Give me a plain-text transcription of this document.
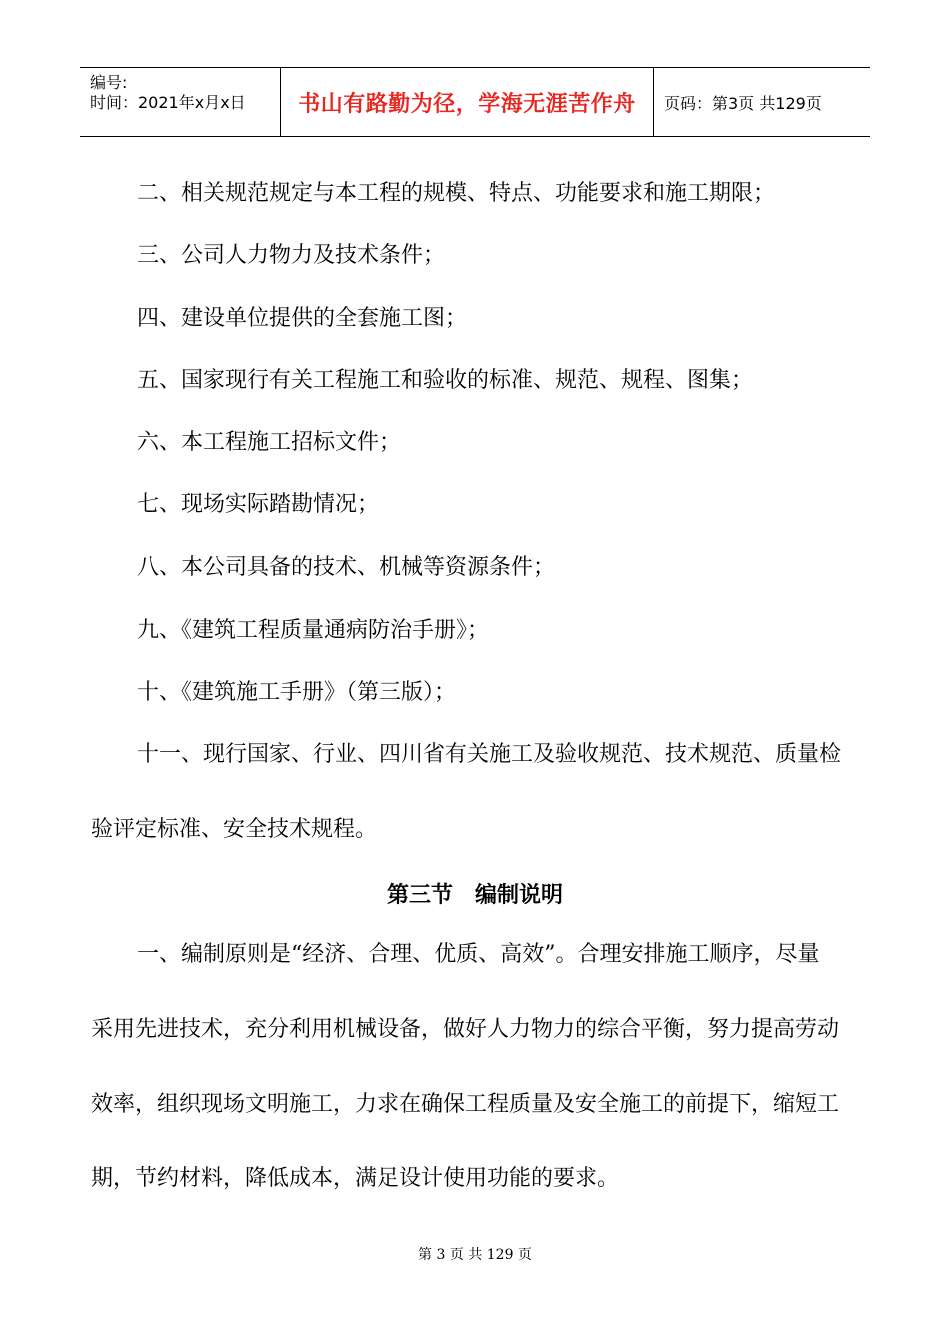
编号:
时间：2021年x月x日	书山有路勤为径，学海无涯苦作舟 页码：第3页 共129页
二、相关规范规定与本工程的规模、特点、功能要求和施工期限；
三、公司人力物力及技术条件；
四、建设单位提供的全套施工图；
五、国家现行有关工程施工和验收的标准、规范、规程、图集；
六、本工程施工招标文件；
七、现场实际踏勘情况；
八、本公司具备的技术、机械等资源条件；
九、《建筑工程质量通病防治手册》；
十、《建筑施工手册》（第三版）；
十一、现行国家、行业、四川省有关施工及验收规范、技术规范、质量检
验评定标准、安全技术规程。
第三节 编制说明
一、编制原则是“经济、合理、优质、高效”。合理安排施工顺序，尽量
采用先进技术，充分利用机械设备，做好人力物力的综合平衡，努力提高劳动
效率，组织现场文明施工，力求在确保工程质量及安全施工的前提下，缩短工
期，节约材料，降低成本，满足设计使用功能的要求。
第 3 页 共 129 页
